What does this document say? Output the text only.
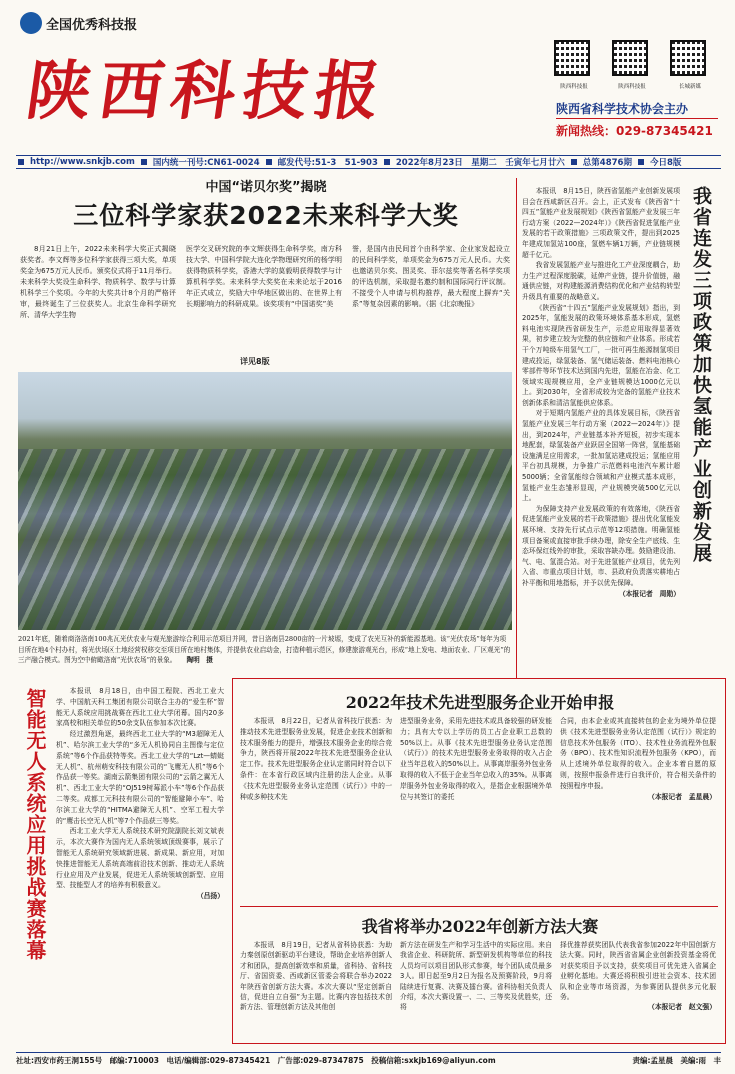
全国优秀科技报
陕西科技报	陕西科技报	陕西科技报	长城新媒
陕西省科学技术协会主办
新闻热线：029-87345421
http://www.snkjb.com 国内统一刊号:CN61-0024 邮发代号:51-3　51-903 2022年8月23日　星期二　壬寅年七月廿六 总第4876期 今日8版
中国“诺贝尔奖”揭晓
三位科学家获2022未来科学大奖

8月21日上午，2022未来科学大奖正式揭晓获奖者。李文辉等多位科学家获得三项大奖，单项奖金为675万元人民币。颁奖仪式将于11月举行。未来科学大奖设生命科学、物质科学、数学与计算机科学三个奖项。今年的大奖共计8个月的严格评审，最终诞生了三位获奖人。北京生命科学研究所、清华大学生物

医学交叉研究院的李文辉获得生命科学奖，南方科技大学、中国科学院大连化学物理研究所的杨学明获得物质科学奖，香港大学的莫毅明获得数学与计算机科学奖。未来科学大奖奖在未来论坛于2016年正式成立，奖励大中华地区做出的、在世界上有长期影响力的科研成果。该奖项有“中国诺奖”美

誉，是国内由民间首个由科学家、企业家发起设立的民间科学奖，单项奖金为675万元人民币。大奖也邀诺贝尔奖、图灵奖、菲尔兹奖等著名科学奖项的评选机制，采取提名邀约制和国际同行评议制。不接受个人申请与机构推荐，最大程度上摒弃“关系”等复杂因素的影响。（据《北京晚报》

详见8版
2021年底，随着商洛洛南100兆瓦光伏农业与观光旅游综合利用示范项目并网，昔日洛南县2800亩的一片坡塬，变成了农光互补的新能源基地。该“光伏农场”每年为项目所在地4个村办村，将光伏场区土地经营权移交至项目所在地村集体，并提供农业启动金，打造种植示范区，修建旅游观光台，形成“地上发电、地面农业、厂区观光”的三产融合模式。图为空中俯瞰洛南“光伏农场”的景象。 陶明　摄

本报讯　8月15日，陕西省氢能产业创新发展项目会在西咸新区召开。会上，正式发布《陕西省“十四五”氢能产业发展规划》《陕西省氢能产业发展三年行动方案（2022—2024年）》《陕西省促进氢能产业发展的若干政策措施》三项政策文件，提出到2025年建成加氢站100座，氢燃车辆1万辆，产业链规模超千亿元。

我省发展氢能产业与推进化工产业深度耦合，助力生产过程深度脱碳，延伸产业链，提升价值链，融通供应链，对构建能源消费结构优化和产业结构转型升级具有重要的战略意义。

《陕西省“十四五”氢能产业发展规划》指出，到2025年，氢能发展的政策环境体系基本形成，氢燃料电池实现陕西省研发生产，示范应用取得显著效果，初步建立较为完整的供应链和产业体系。形成若干个万吨级车用氢气工厂，一批可再生能源制氢项目建成投运，绿氢装备、氢气储运装备、燃料电池核心零部件等环节技术达到国内先进，氢能在冶金、化工领域实现规模应用，全产业链规模达1000亿元以上。到2030年，全省形成较为完备的氢能产业技术创新体系和清洁氢能供应体系。

对于短期内氢能产业的具体发展目标，《陕西省氢能产业发展三年行动方案（2022—2024年）》提出，到2024年，产业链基本补齐短板，初步实现本地配套，绿氢装备产业跃居全国第一阵营，氢能基础设施满足应用需求，一批加氢站建成投运；氢能应用平台初具规模，力争推广示范燃料电池汽车累计超5000辆；全省氢能综合领域和产业模式基本成形，氢能产业生态雏形显现，产业规模突破500亿元以上。

为保障支持产业发展政策的有效落地，《陕西省促进氢能产业发展的若干政策措施》提出优化氢能发展环境、支持先行试点示范等12项措施。明确氢能项目备案或直接审批手续办理，除安全生产底线、生态环保红线外的审批，采取容缺办理。鼓励建设油、气、电、氢混合站。对于先进氢能产业项目，优先列入省、市重点项目计划，市、县政府负责落实耕地占补平衡和用地指标，并予以优先保障。

（本报记者　周勋）

我省连发三项政策加快氢能产业创新发展
智能无人系统应用挑战赛落幕	本报讯　8月18日，由中国工程院、西北工业大学、中国航天科工集团有限公司联合主办的“爱生杯”智能无人系统应用挑战赛在西北工业大学闭幕。国内20多家高校和相关单位的50余支队伍参加本次比赛。

经过激烈角逐，最终西北工业大学的“M3超障无人机”、哈尔滨工业大学的“多无人机协同自主图像与定位系统”等6个作品获特等奖。西北工业大学的“Lzt—蜻蜓无人机”、杭州萌安科技有限公司的“飞鹰无人机”等6个作品获一等奖。湖南云箭集团有限公司的“云箭之翼无人机”、西北工业大学的“OJ519树莓派小车”等6个作品获二等奖。成都工元科技有限公司的“智能避障小车”、哈尔滨工业大学的“HITMA避障无人机”、空军工程大学的“鹰击长空无人机”等7个作品获三等奖。

西北工业大学无人系统技术研究院副院长刘文斌表示，本次大赛作为国内无人系统领域顶级赛事，展示了智能无人系统研究领域新进展、新成果、新应用，对加快推进智能无人系统高端前沿技术创新、推动无人系统行业应用及产业发展，促进无人系统领域创新型、应用型、技能型人才的培养有积极意义。

（吕扬）

2022年技术先进型服务企业开始申报

本报讯　8月22日，记者从省科技厅获悉：为推动技术先进型服务业发展，促进企业技术创新和技术服务能力的提升，增强技术服务企业的综合竞争力，陕西将开展2022年技术先进型服务企业认定工作。技术先进型服务企业认定需同时符合以下条件：在本省行政区域内注册的法人企业。从事《技术先进型服务业务认定范围（试行）》中的一种或多种技术先

进型服务业务，采用先进技术或具备较强的研发能力；具有大专以上学历的员工占企业职工总数的50%以上。从事《技术先进型服务业务认定范围（试行）》的技术先进型服务业务取得的收入占企业当年总收入的50%以上。从事离岸服务外包业务取得的收入不低于企业当年总收入的35%。从事离岸服务外包业务取得的收入，是指企业根据境外单位与其签订的委托

合同，由本企业或其直接转包的企业为境外单位提供《技术先进型服务业务认定范围（试行）》规定的信息技术外包服务（ITO）、技术性业务流程外包服务（BPO）、技术性知识流程外包服务（KPO），而从上述境外单位取得的收入。企业本着自愿的原则，按照申报条件进行自我评价，符合相关条件的按照程序申报。

（本报记者　孟星晨）

我省将举办2022年创新方法大赛

本报讯　8月19日，记者从省科协获悉：为助力秦创原创新驱动平台建设，帮助企业培养创新人才和团队，提高创新效率和质量，省科协、省科技厅、省国资委、西咸新区管委会将联合举办2022年陕西省创新方法大赛。本次大赛以“坚定创新自信，促进自立自强”为主题。比赛内容包括技术创新方法、管理创新方法及其他创

新方法在研发生产和学习生活中的实际应用。来自我省企业、科研院所、新型研发机构等单位的科技人员均可以项目团队形式参赛，每个团队成员最多3人。即日起至9月2日为报名及预赛阶段，9月将陆续进行复赛、决赛及擂台赛。省科协相关负责人介绍，本次大赛设置一、二、三等奖及优胜奖，还将

择优推荐获奖团队代表我省参加2022年中国创新方法大赛。同时，陕西省省属企业创新投资基金将优对获奖项目予以支持，获奖项目可优先进入省属企业孵化基地。大赛还将积极引进社会资本、技术团队和企业等市场资源，为参赛团队提供多元化服务。

（本报记者　赵文强）

社址:西安市药王洞155号　邮编:710003　电话/编辑部:029-87345421　广告部:029-87347875　投稿信箱:sxkjb169@aliyun.com	责编:孟星晨　美编:雨　丰
